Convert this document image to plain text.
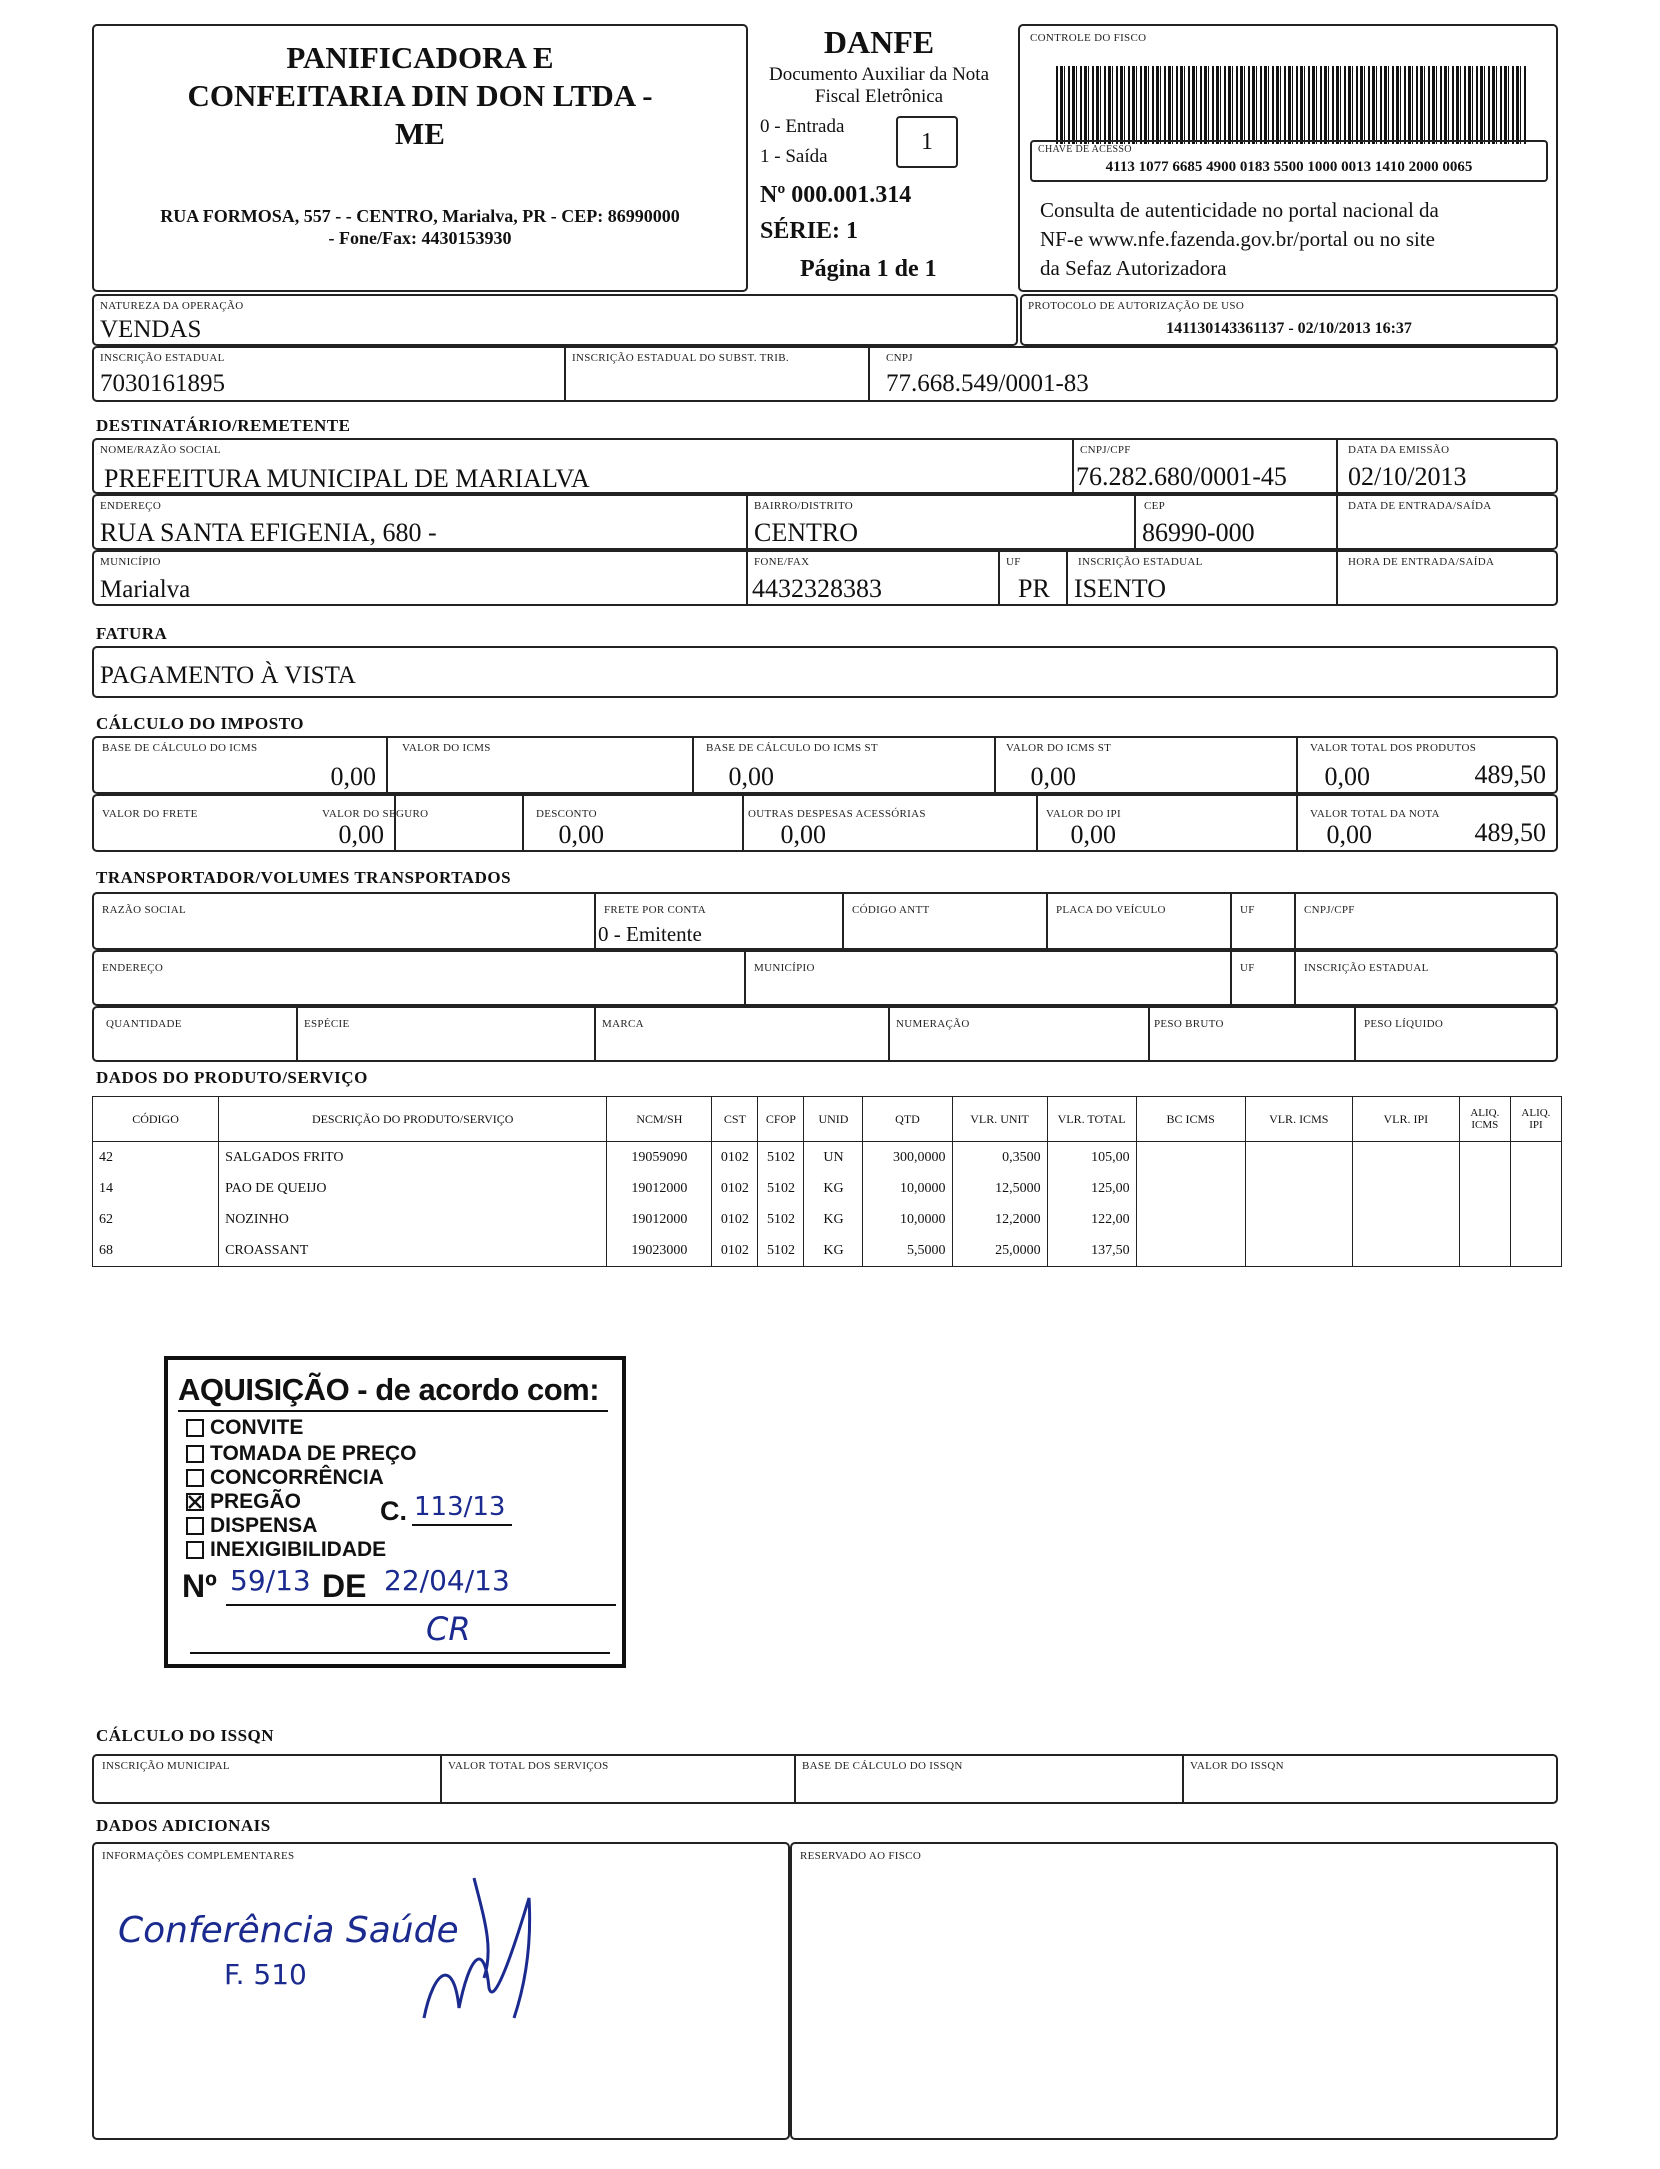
PANIFICADORA E
CONFEITARIA DIN DON LTDA -
ME
RUA FORMOSA, 557 - - CENTRO, Marialva, PR - CEP: 86990000
- Fone/Fax: 4430153930
DANFE
Documento Auxiliar da Nota
Fiscal Eletrônica
0 - Entrada
1 - Saída
1
Nº 000.001.314
SÉRIE: 1
Página 1 de 1
CONTROLE DO FISCO
CHAVE DE ACESSO
4113 1077 6685 4900 0183 5500 1000 0013 1410 2000 0065
Consulta de autenticidade no portal nacional da
NF-e www.nfe.fazenda.gov.br/portal ou no site
da Sefaz Autorizadora
NATUREZA DA OPERAÇÃO
VENDAS
PROTOCOLO DE AUTORIZAÇÃO DE USO
141130143361137 - 02/10/2013 16:37
INSCRIÇÃO ESTADUAL
7030161895
INSCRIÇÃO ESTADUAL DO SUBST. TRIB.	CNPJ
77.668.549/0001-83
DESTINATÁRIO/REMETENTE
NOME/RAZÃO SOCIAL
PREFEITURA MUNICIPAL DE MARIALVA
CNPJ/CPF
76.282.680/0001-45
DATA DA EMISSÃO
02/10/2013
ENDEREÇO
RUA SANTA EFIGENIA, 680 -
BAIRRO/DISTRITO
CENTRO
CEP
86990-000
DATA DE ENTRADA/SAÍDA
MUNICÍPIO
Marialva
FONE/FAX
4432328383
UF
PR
INSCRIÇÃO ESTADUAL
ISENTO
HORA DE ENTRADA/SAÍDA
FATURA
PAGAMENTO À VISTA
CÁLCULO DO IMPOSTO
BASE DE CÁLCULO DO ICMS
0,00
VALOR DO ICMS
0,00
BASE DE CÁLCULO DO ICMS ST
0,00
VALOR DO ICMS ST
0,00
VALOR TOTAL DOS PRODUTOS
489,50
VALOR DO FRETE
0,00
VALOR DO SEGURO
0,00
DESCONTO
0,00
OUTRAS DESPESAS ACESSÓRIAS
0,00
VALOR DO IPI
0,00
VALOR TOTAL DA NOTA
489,50
TRANSPORTADOR/VOLUMES TRANSPORTADOS
RAZÃO SOCIAL	FRETE POR CONTA
0 - Emitente
CÓDIGO ANTT	PLACA DO VEÍCULO	UF	CNPJ/CPF
ENDEREÇO	MUNICÍPIO	UF	INSCRIÇÃO ESTADUAL
QUANTIDADE	ESPÉCIE	MARCA	NUMERAÇÃO	PESO BRUTO	PESO LÍQUIDO
DADOS DO PRODUTO/SERVIÇO
CÓDIGO	DESCRIÇÃO DO PRODUTO/SERVIÇO	NCM/SH	CST	CFOP	UNID	QTD	VLR. UNIT	VLR. TOTAL	BC ICMS	VLR. ICMS	VLR. IPI	ALIQ. ICMS	ALIQ. IPI
42	SALGADOS FRITO	19059090	0102	5102	UN	300,0000	0,3500	105,00					
14	PAO DE QUEIJO	19012000	0102	5102	KG	10,0000	12,5000	125,00					
62	NOZINHO	19012000	0102	5102	KG	10,0000	12,2000	122,00					
68	CROASSANT	19023000	0102	5102	KG	5,5000	25,0000	137,50					
AQUISIÇÃO - de acordo com:
CONVITE
TOMADA DE PREÇO
CONCORRÊNCIA
PREGÃO
DISPENSA
INEXIGIBILIDADE
C. 113/13
Nº 59/13 DE 22/04/13
CR
CÁLCULO DO ISSQN
INSCRIÇÃO MUNICIPAL	VALOR TOTAL DOS SERVIÇOS	BASE DE CÁLCULO DO ISSQN	VALOR DO ISSQN
DADOS ADICIONAIS
INFORMAÇÕES COMPLEMENTARES
Conferência Saúde
F. 510
RESERVADO AO FISCO
